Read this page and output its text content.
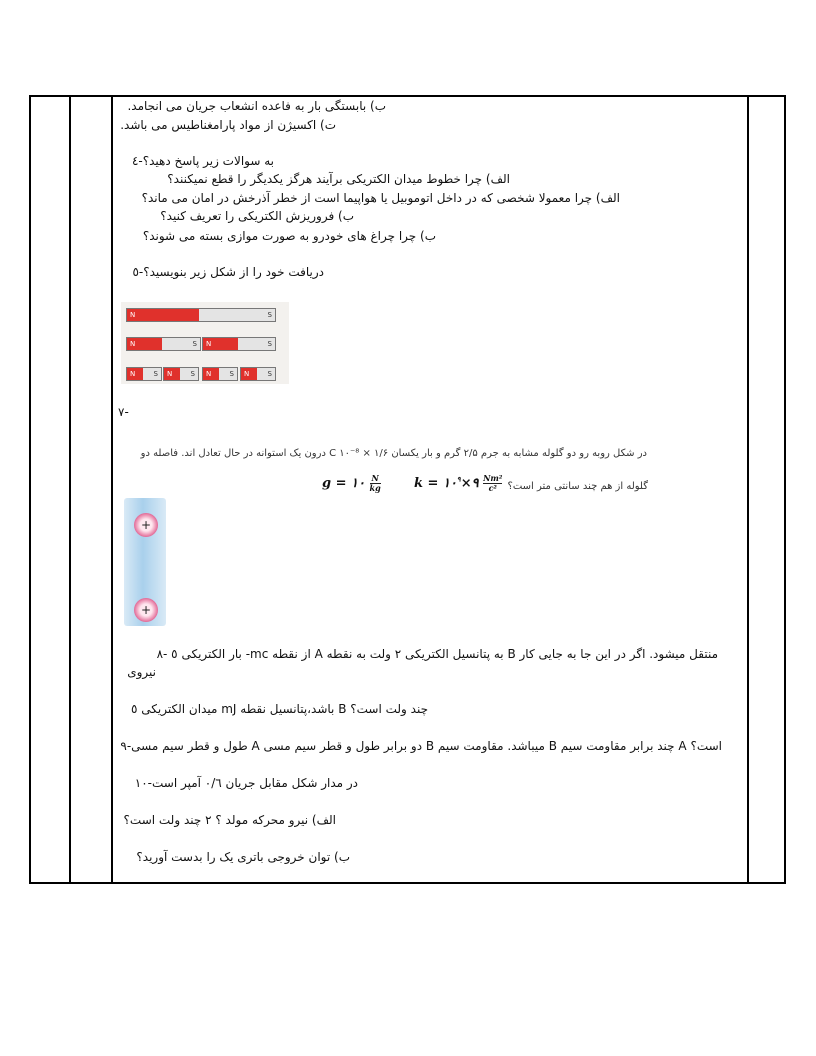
ب) بابستگی بار به فاعده انشعاب جریان می انجامد.
ت) اکسیژن از مواد پارامغناطیس می باشد.
به سوالات زیر پاسخ دهید؟-٤
الف) چرا خطوط میدان الکتریکی برآیند هرگز یکدیگر را قطع نمیکنند؟
الف) چرا معمولا شخصی که در داخل اتوموبیل یا هواپیما است از خطر آذرخش در امان می ماند؟
ب) فروریزش الکتریکی را تعریف کنید؟
ب) چرا چراغ های خودرو به صورت موازی بسته می شوند؟
دریافت خود را از شکل زیر بنویسید؟-٥
N	S
N	S	N	S
N	S	N	S	N	S	N	S
٧-
در شکل روبه رو دو گلوله مشابه به جرم ۲/۵ گرم و بار یکسان C ۱۰⁻⁸ × ۱/۶ درون یک استوانه در حال تعادل اند. فاصله دو
گلوله از هم چند سانتی متر است؟
g = ١٠ $\frac{N}{kg}$	$k = ٩\times ١٠^٩$	$\frac{\text{Nm²}}{\text{c²}}$
+
+
منتقل میشود. اگر در این جا به جایی کار B به پتانسیل الکتریکی ۲ ولت به نقطه A از نقطه mc- بار الکتریکی ٥ -٨
نیروی
چند ولت است؟ B باشد،پتانسیل نقطه mJ میدان الکتریکی ٥
است؟ A چند برابر مقاومت سیم B میباشد. مقاومت سیم B دو برابر طول و قطر سیم مسی A طول و قطر سیم مسی-٩
در مدار شکل مقابل جریان ۰/٦ آمپر است-١٠
الف) نیرو محرکه مولد ؟ ۲ چند ولت است؟
ب) توان خروجی باتری یک را بدست آورید؟
